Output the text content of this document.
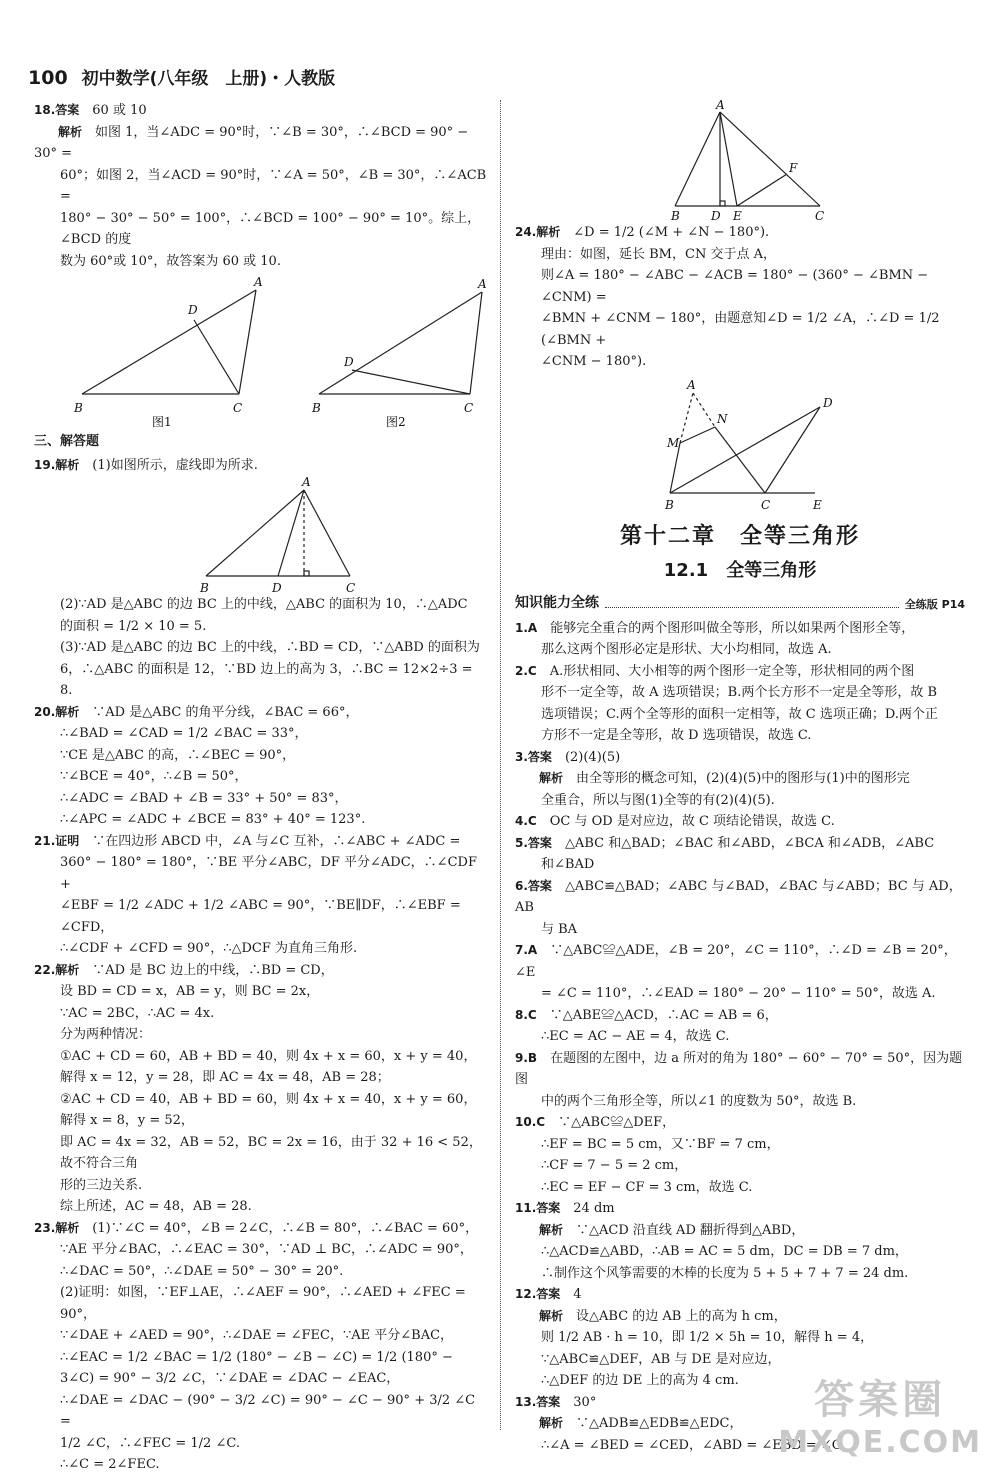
100 初中数学(八年级　上册)・人教版

18.答案　 60 或 10

解析　 如图 1，当∠ADC = 90°时，∵∠B = 30°，∴∠BCD = 90° − 30° =

60°；如图 2，当∠ACD = 90°时，∵∠A = 50°，∠B = 30°，∴∠ACB =

180° − 30° − 50° = 100°，∴∠BCD = 100° − 90° = 10°。综上，∠BCD 的度

数为 60°或 10°，故答案为 60 或 10.

A
D
B	C
图1
A
D
B	C
图2

三、解答题

19.解析　 (1)如图所示，虚线即为所求.

A
B	D	C

(2)∵AD 是△ABC 的边 BC 上的中线，△ABC 的面积为 10，∴△ADC

的面积 = 1/2 × 10 = 5.

(3)∵AD 是△ABC 的边 BC 上的中线，∴BD = CD，∵△ABD 的面积为

6，∴△ABC 的面积是 12，∵BD 边上的高为 3，∴BC = 12×2÷3 = 8.

20.解析　 ∵AD 是△ABC 的角平分线，∠BAC = 66°，

∴∠BAD = ∠CAD = 1/2 ∠BAC = 33°，

∵CE 是△ABC 的高，∴∠BEC = 90°，

∵∠BCE = 40°，∴∠B = 50°，

∴∠ADC = ∠BAD + ∠B = 33° + 50° = 83°，

∴∠APC = ∠ADC + ∠BCE = 83° + 40° = 123°.

21.证明　 ∵在四边形 ABCD 中，∠A 与∠C 互补，∴∠ABC + ∠ADC =

360° − 180° = 180°，∵BE 平分∠ABC，DF 平分∠ADC，∴∠CDF +

∠EBF = 1/2 ∠ADC + 1/2 ∠ABC = 90°，∵BE∥DF，∴∠EBF = ∠CFD，

∴∠CDF + ∠CFD = 90°，∴△DCF 为直角三角形.

22.解析　 ∵AD 是 BC 边上的中线，∴BD = CD，

设 BD = CD = x，AB = y，则 BC = 2x，

∵AC = 2BC，∴AC = 4x.

分为两种情况：

①AC + CD = 60，AB + BD = 40，则 4x + x = 60，x + y = 40，

解得 x = 12，y = 28，即 AC = 4x = 48，AB = 28；

②AC + CD = 40，AB + BD = 60，则 4x + x = 40，x + y = 60，解得 x = 8，y = 52，

即 AC = 4x = 32，AB = 52，BC = 2x = 16，由于 32 + 16 < 52，故不符合三角

形的三边关系.

综上所述，AC = 48，AB = 28.

23.解析　 (1)∵∠C = 40°，∠B = 2∠C，∴∠B = 80°，∴∠BAC = 60°，

∵AE 平分∠BAC，∴∠EAC = 30°，∵AD ⊥ BC，∴∠ADC = 90°，

∴∠DAC = 50°，∴∠DAE = 50° − 30° = 20°.

(2)证明：如图，∵EF⊥AE，∴∠AEF = 90°，∴∠AED + ∠FEC = 90°，

∵∠DAE + ∠AED = 90°，∴∠DAE = ∠FEC，∵AE 平分∠BAC，

∴∠EAC = 1/2 ∠BAC = 1/2 (180° − ∠B − ∠C) = 1/2 (180° −

3∠C) = 90° − 3/2 ∠C，∵∠DAE = ∠DAC − ∠EAC，

∴∠DAE = ∠DAC − (90° − 3/2 ∠C) = 90° − ∠C − 90° + 3/2 ∠C =

1/2 ∠C，∴∠FEC = 1/2 ∠C.

∴∠C = 2∠FEC.

A
F
B	D E	C

24.解析　 ∠D = 1/2 (∠M + ∠N − 180°).

理由：如图，延长 BM，CN 交于点 A，

则∠A = 180° − ∠ABC − ∠ACB = 180° − (360° − ∠BMN − ∠CNM) =

∠BMN + ∠CNM − 180°，由题意知∠D = 1/2 ∠A，∴∠D = 1/2 (∠BMN +

∠CNM − 180°).

A
N
M
D
B	C	E
第十二章　全等三角形
12.1　全等三角形
知识能力全练	全练版 P14

1.A　 能够完全重合的两个图形叫做全等形，所以如果两个图形全等，

那么这两个图形必定是形状、大小均相同，故选 A.

2.C　 A.形状相同、大小相等的两个图形一定全等，形状相同的两个图

形不一定全等，故 A 选项错误；B.两个长方形不一定是全等形，故 B

选项错误；C.两个全等形的面积一定相等，故 C 选项正确；D.两个正

方形不一定是全等形，故 D 选项错误，故选 C.

3.答案　 (2)(4)(5)

解析　 由全等形的概念可知，(2)(4)(5)中的图形与(1)中的图形完

全重合，所以与图(1)全等的有(2)(4)(5).

4.C　 OC 与 OD 是对应边，故 C 项结论错误，故选 C.

5.答案　 △ABC 和△BAD；∠BAC 和∠ABD，∠BCA 和∠ADB，∠ABC

和∠BAD

6.答案　 △ABC≌△BAD；∠ABC 与∠BAD，∠BAC 与∠ABD；BC 与 AD，AB

与 BA

7.A　 ∵△ABC≌△ADE，∠B = 20°，∠C = 110°，∴∠D = ∠B = 20°，∠E

= ∠C = 110°，∴∠EAD = 180° − 20° − 110° = 50°，故选 A.

8.C　 ∵△ABE≌△ACD，∴AC = AB = 6，

∴EC = AC − AE = 4，故选 C.

9.B　 在题图的左图中，边 a 所对的角为 180° − 60° − 70° = 50°，因为题图

中的两个三角形全等，所以∠1 的度数为 50°，故选 B.

10.C　 ∵△ABC≌△DEF，

∴EF = BC = 5 cm，又∵BF = 7 cm，

∴CF = 7 − 5 = 2 cm，

∴EC = EF − CF = 3 cm，故选 C.

11.答案　 24 dm

解析　 ∵△ACD 沿直线 AD 翻折得到△ABD，

∴△ACD≌△ABD，∴AB = AC = 5 dm，DC = DB = 7 dm，

∴制作这个风筝需要的木棒的长度为 5 + 5 + 7 + 7 = 24 dm.

12.答案　 4

解析　 设△ABC 的边 AB 上的高为 h cm，

则 1/2 AB · h = 10，即 1/2 × 5h = 10，解得 h = 4，

∵△ABC≌△DEF，AB 与 DE 是对应边，

∴△DEF 的边 DE 上的高为 4 cm.

13.答案　 30°

解析　 ∵△ADB≌△EDB≌△EDC，

∴∠A = ∠BED = ∠CED，∠ABD = ∠EBD = ∠C，

答案圈
MXQE.COM
